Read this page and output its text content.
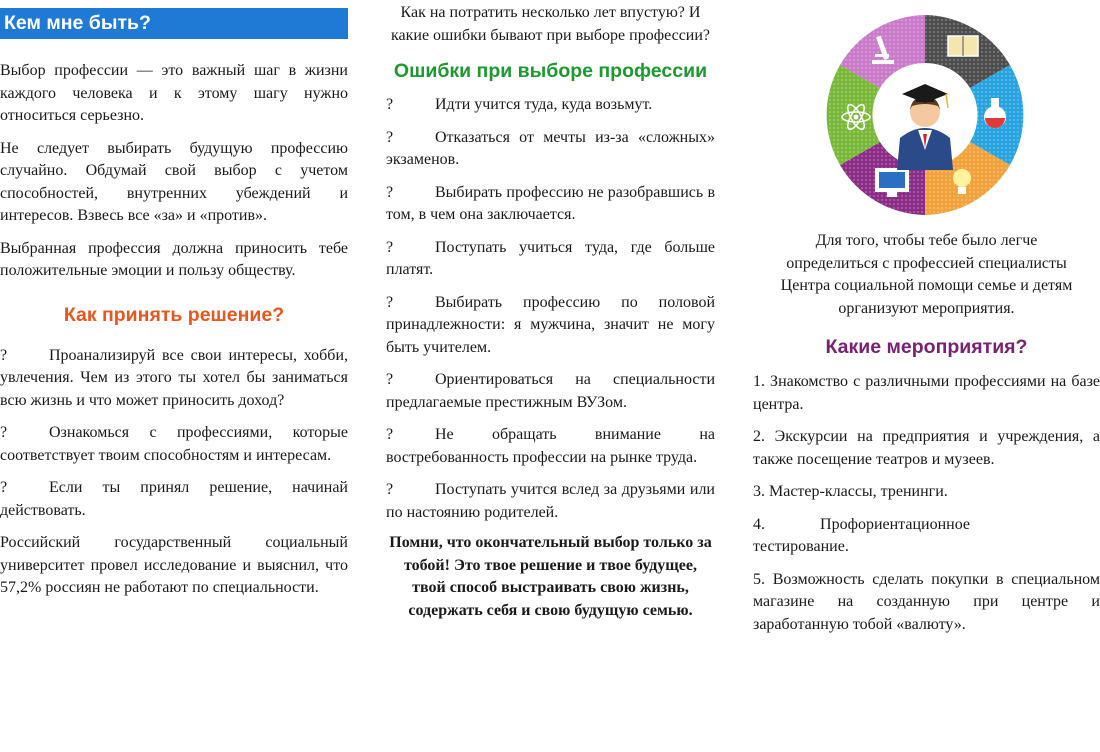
Кем мне быть?

Выбор профессии — это важный шаг в жизни каждого человека и к этому шагу нужно относиться серьезно.

Не следует выбирать будущую профессию случайно. Обдумай свой выбор с учетом способностей, внутренних убеждений и интересов. Взвесь все «за» и «против».

Выбранная профессия должна приносить тебе положительные эмоции и пользу обществу.

Как принять решение?

?	Проанализируй все свои интересы, хобби, увлечения. Чем из этого ты хотел бы заниматься всю жизнь и что может приносить доход?

?	Ознакомься с профессиями, которые соответствует твоим способностям и интересам.

?	Если ты принял решение, начинай действовать.

Российский государственный социальный университет провел исследование и выяснил, что 57,2% россиян не работают по специальности.

Как на потратить несколько лет впустую? И какие ошибки бывают при выборе профессии?

Ошибки при выборе профессии

?	Идти учится туда, куда возьмут.

?	Отказаться от мечты из-за «сложных» экзаменов.

?	Выбирать профессию не разобравшись в том, в чем она заключается.

?	Поступать учиться туда, где больше платят.

?	Выбирать профессию по половой принадлежности: я мужчина, значит не могу быть учителем.

?	Ориентироваться на специальности предлагаемые престижным ВУЗом.

?	Не обращать внимание на востребованность профессии на рынке труда.

?	Поступать учится вслед за друзьями или по настоянию родителей.

Помни, что окончательный выбор только за тобой! Это твое решение и твое будущее, твой способ выстраивать свою жизнь, содержать себя и свою будущую семью.

Для того, чтобы тебе было легче определиться с профессией специалисты Центра социальной помощи семье и детям организуют мероприятия.

Какие мероприятия?

1. Знакомство с различными профессиями на базе центра.

2. Экскурсии на предприятия и учреждения, а также посещение театров и музеев.

3. Мастер-классы, тренинги.

4. Профориентационное тестирование.

5. Возможность сделать покупки в специальном магазине на созданную при центре и заработанную тобой «валюту».
